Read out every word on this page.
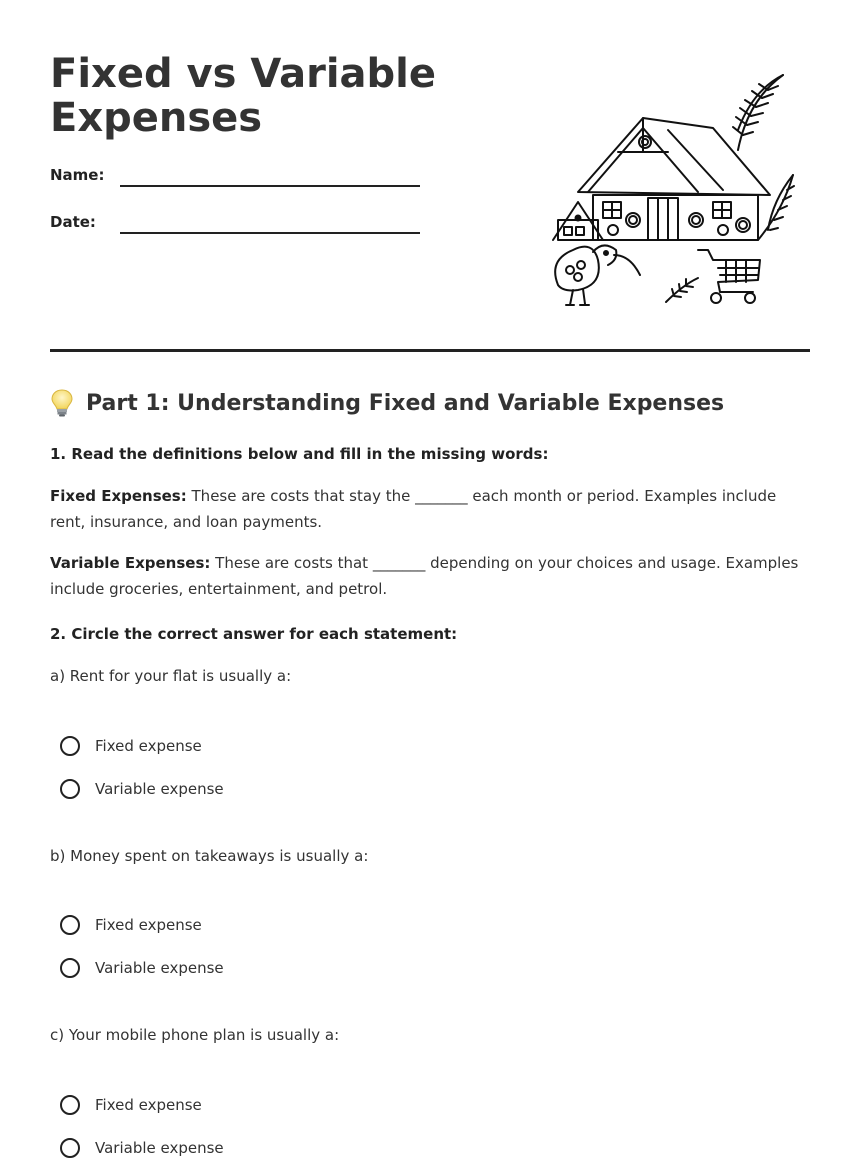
Fixed vs Variable Expenses
Name:
Date:
Part 1: Understanding Fixed and Variable Expenses

1. Read the definitions below and fill in the missing words:

Fixed Expenses: These are costs that stay the _______ each month or period. Examples include rent, insurance, and loan payments.

Variable Expenses: These are costs that _______ depending on your choices and usage. Examples include groceries, entertainment, and petrol.

2. Circle the correct answer for each statement:

a) Rent for your flat is usually a:

Fixed expense
Variable expense

b) Money spent on takeaways is usually a:

Fixed expense
Variable expense

c) Your mobile phone plan is usually a:

Fixed expense
Variable expense
